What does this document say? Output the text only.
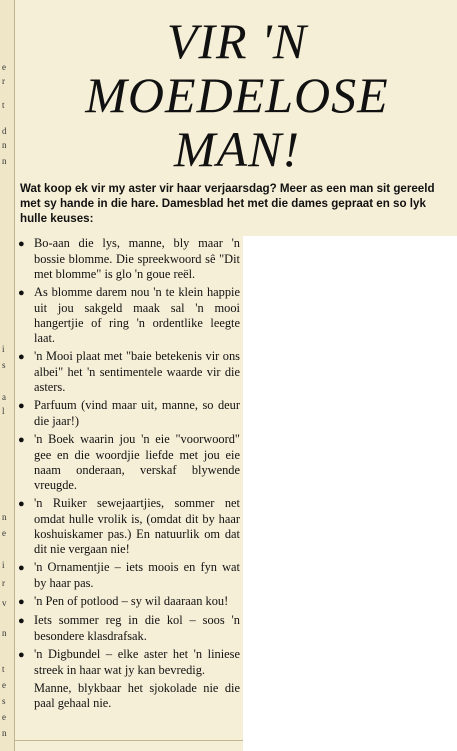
e
r
t
d
n
n
i
s
a
l
n
e
i
r
v
n
t
e
s
e
n
VIR 'N
MOEDELOSE
MAN!
Wat koop ek vir my aster vir haar verjaarsdag? Meer as een man sit gereeld met sy hande in die hare. Damesblad het met die dames gepraat en so lyk hulle keuses:
● Bo-aan die lys, manne, bly maar 'n bossie blomme. Die spreekwoord sê "Dit met blomme" is glo 'n goue reël.
● As blomme darem nou 'n te klein happie uit jou sakgeld maak sal 'n mooi hangertjie of ring 'n ordentlike leegte laat.
● 'n Mooi plaat met "baie betekenis vir ons albei" het 'n sentimentele waarde vir die asters.
● Parfuum (vind maar uit, manne, so deur die jaar!)
● 'n Boek waarin jou 'n eie "voorwoord" gee en die woordjie liefde met jou eie naam onderaan, verskaf blywende vreugde.
● 'n Ruiker sewejaartjies, sommer net omdat hulle vrolik is, (omdat dit by haar koshuiskamer pas.) En natuurlik om dat dit nie vergaan nie!
● 'n Ornamentjie – iets moois en fyn wat by haar pas.
● 'n Pen of potlood – sy wil daaraan kou!
● Iets sommer reg in die kol – soos 'n besondere klasdrafsak.
● 'n Digbundel – elke aster het 'n liniese streek in haar wat jy kan bevredig.
Manne, blykbaar het sjokolade nie die paal gehaal nie.
